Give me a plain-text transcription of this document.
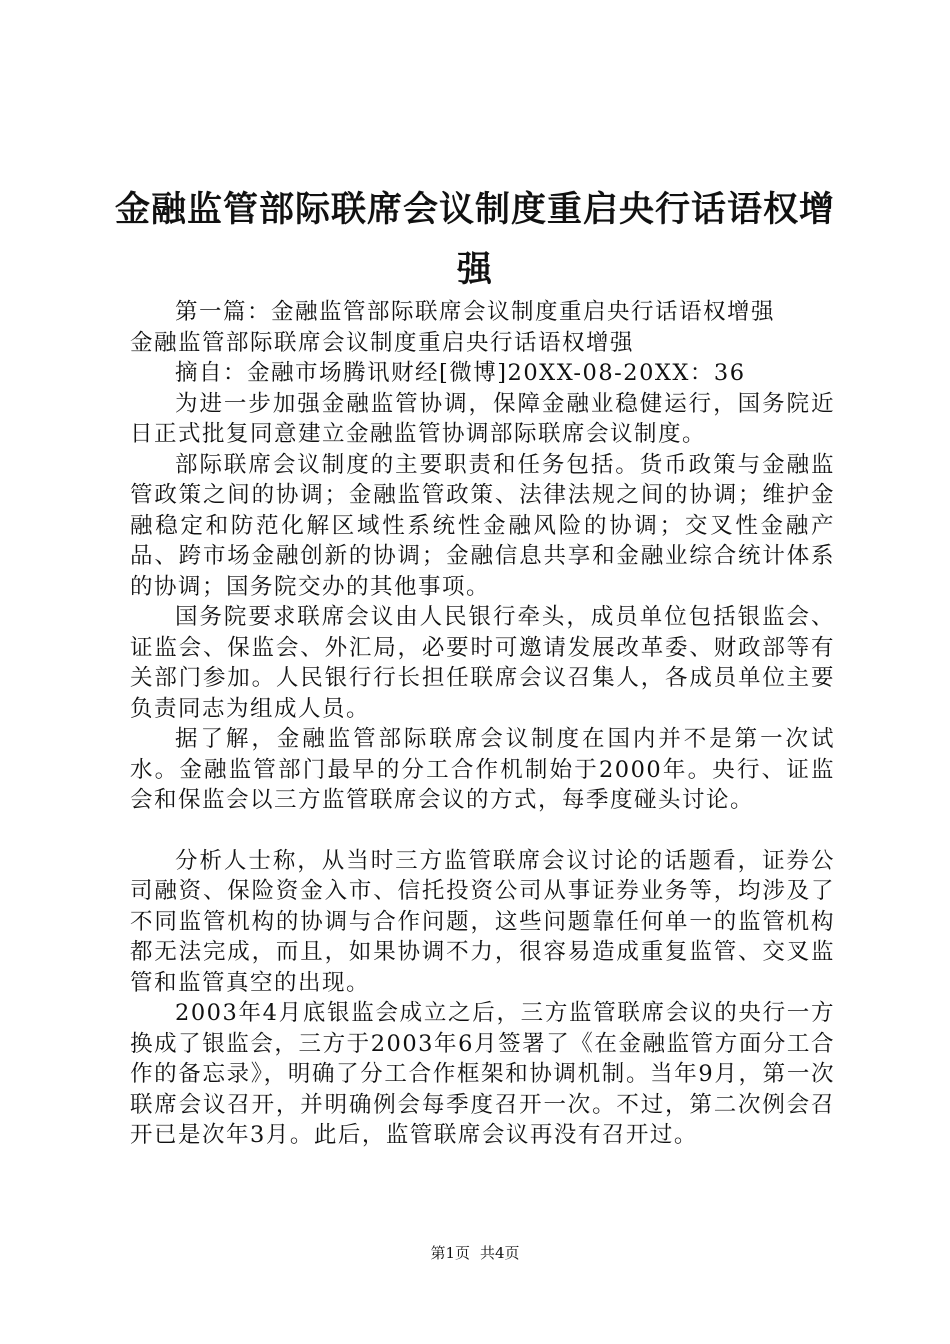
金融监管部际联席会议制度重启央行话语权增强

第一篇：金融监管部际联席会议制度重启央行话语权增强

金融监管部际联席会议制度重启央行话语权增强

摘自：金融市场腾讯财经[微博]20XX-08-20XX：36

为进一步加强金融监管协调，保障金融业稳健运行，国务院近日正式批复同意建立金融监管协调部际联席会议制度。

部际联席会议制度的主要职责和任务包括。货币政策与金融监管政策之间的协调；金融监管政策、法律法规之间的协调；维护金融稳定和防范化解区域性系统性金融风险的协调；交叉性金融产品、跨市场金融创新的协调；金融信息共享和金融业综合统计体系的协调；国务院交办的其他事项。

国务院要求联席会议由人民银行牵头，成员单位包括银监会、证监会、保监会、外汇局，必要时可邀请发展改革委、财政部等有关部门参加。人民银行行长担任联席会议召集人，各成员单位主要负责同志为组成人员。

据了解，金融监管部际联席会议制度在国内并不是第一次试水。金融监管部门最早的分工合作机制始于2000年。央行、证监会和保监会以三方监管联席会议的方式，每季度碰头讨论。

分析人士称，从当时三方监管联席会议讨论的话题看，证券公司融资、保险资金入市、信托投资公司从事证券业务等，均涉及了不同监管机构的协调与合作问题，这些问题靠任何单一的监管机构都无法完成，而且，如果协调不力，很容易造成重复监管、交叉监管和监管真空的出现。

2003年4月底银监会成立之后，三方监管联席会议的央行一方换成了银监会，三方于2003年6月签署了《在金融监管方面分工合作的备忘录》，明确了分工合作框架和协调机制。当年9月，第一次联席会议召开，并明确例会每季度召开一次。不过，第二次例会召开已是次年3月。此后，监管联席会议再没有召开过。

第1页 共4页
